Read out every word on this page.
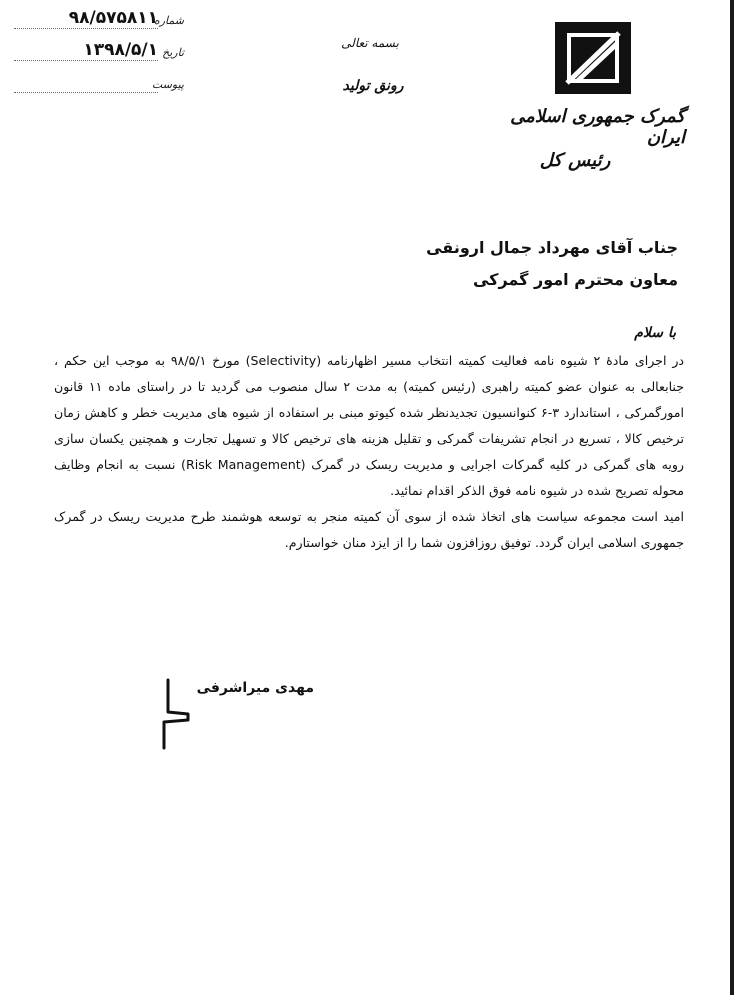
شماره
۹۸/۵۷۵۸۱۱
تاریخ
۱۳۹۸/۵/۱
پیوست
بسمه تعالی
رونق تولید
گمرک جمهوری اسلامی ایران
رئیس کل
جناب آقای مهرداد جمال ارونقی
معاون محترم امور گمرکی
با سلام

در اجرای مادۀ ۲ شیوه نامه فعالیت کمیته انتخاب مسیر اظهارنامه (Selectivity) مورخ ۹۸/۵/۱ به موجب این حکم ، جنابعالی به عنوان عضو کمیته راهبری (رئیس کمیته) به مدت ۲ سال منصوب می گردید تا در راستای ماده ۱۱ قانون امورگمرکی ، استاندارد ۳-۶ کنوانسیون تجدیدنظر شده کیوتو مبنی بر استفاده از شیوه های مدیریت خطر و کاهش زمان ترخیص کالا ، تسریع در انجام تشریفات گمرکی و تقلیل هزینه های ترخیص کالا و تسهیل تجارت و همچنین یکسان سازی رویه های گمرکی در کلیه گمرکات اجرایی و مدیریت ریسک در گمرک (Risk Management) نسبت به انجام وظایف محوله تصریح شده در شیوه نامه فوق الذکر اقدام نمائید.

امید است مجموعه سیاست های اتخاذ شده از سوی آن کمیته منجر به توسعه هوشمند طرح مدیریت ریسک در گمرک جمهوری اسلامی ایران گردد. توفیق روزافزون شما را از ایزد منان خواستارم.

مهدی میراشرفی
